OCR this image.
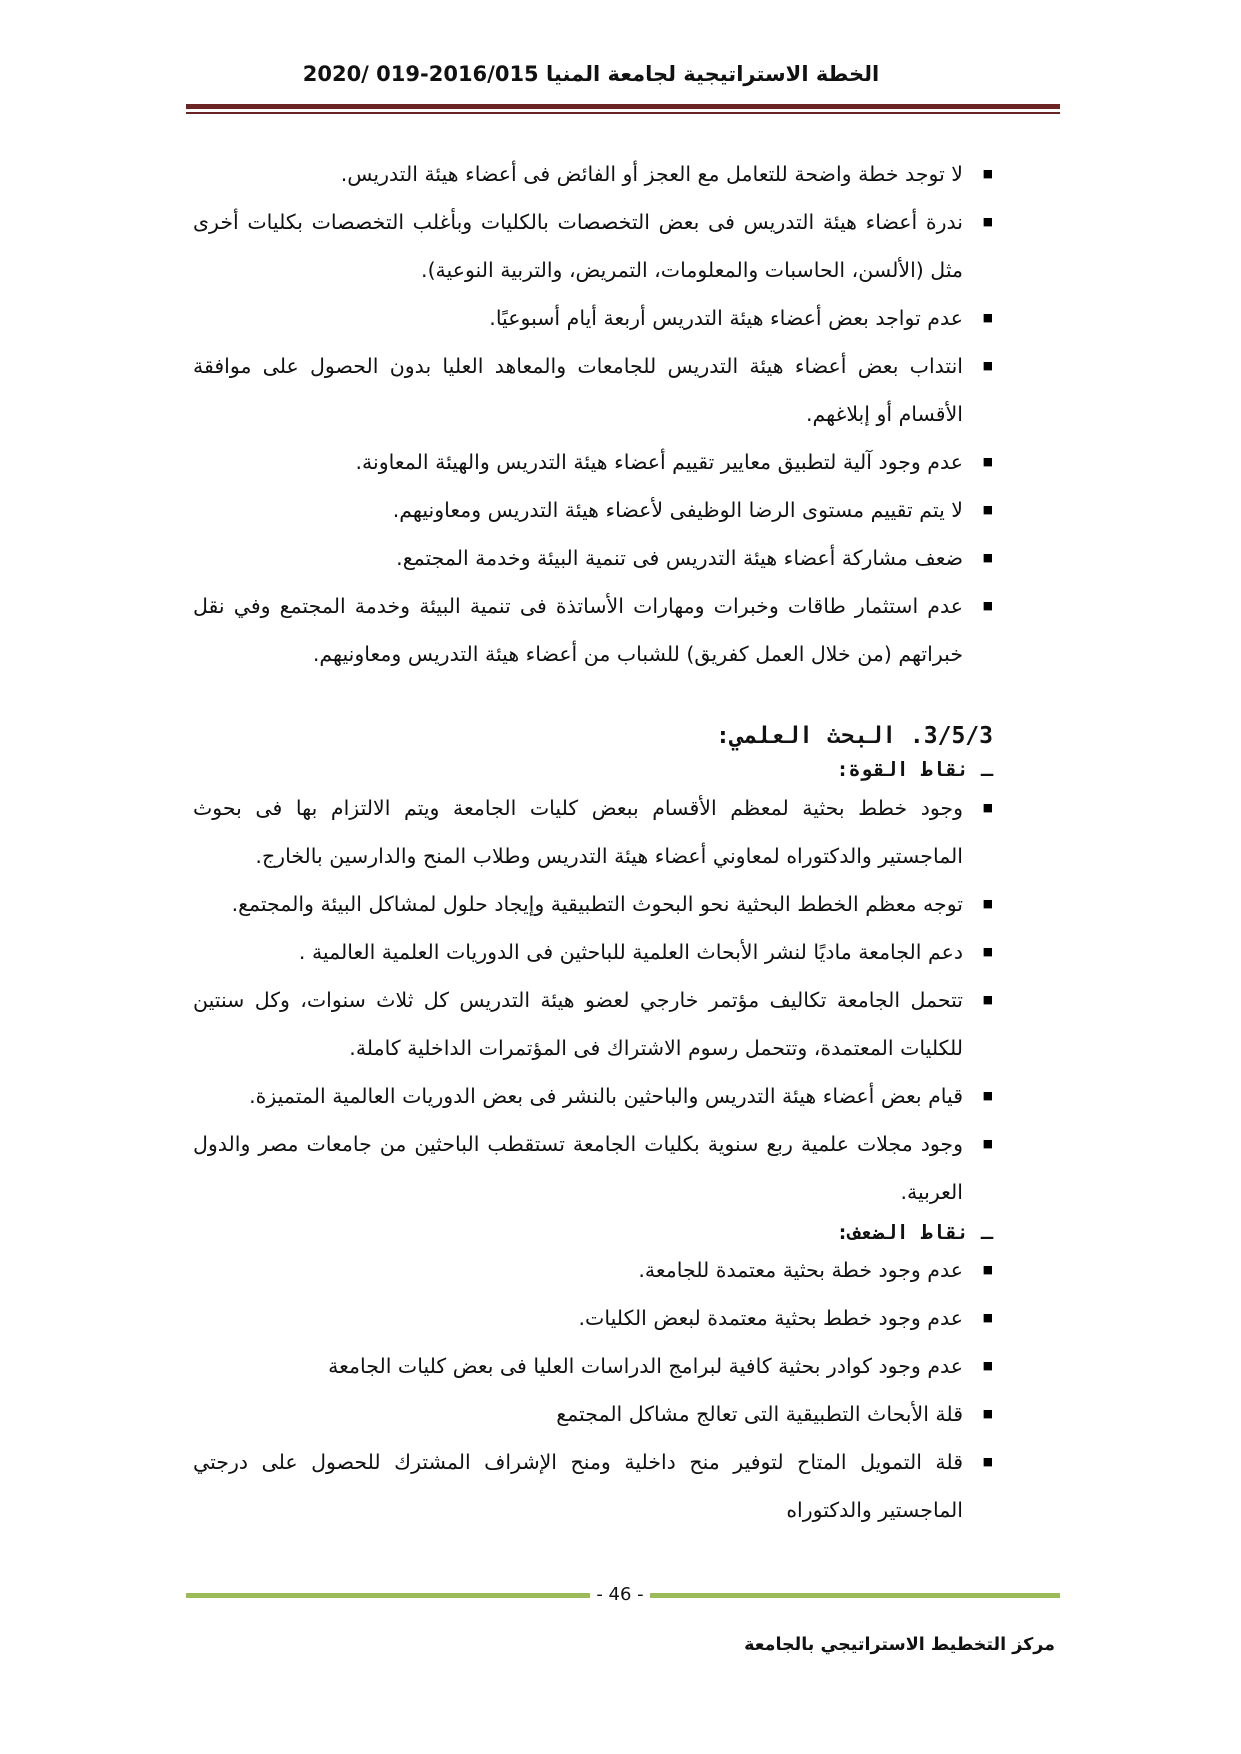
2020/ 019-2016/015 الخطة الاستراتيجية لجامعة المنيا
■
لا توجد خطة واضحة للتعامل مع العجز أو الفائض فى أعضاء هيئة التدريس.
■
ندرة أعضاء هيئة التدريس فى بعض التخصصات بالكليات وبأغلب التخصصات بكليات أخرى مثل (الألسن، الحاسبات والمعلومات، التمريض، والتربية النوعية).
■
عدم تواجد بعض أعضاء هيئة التدريس أربعة أيام أسبوعيًا.
■
انتداب بعض أعضاء هيئة التدريس للجامعات والمعاهد العليا بدون الحصول على موافقة الأقسام أو إبلاغهم.
■
عدم وجود آلية لتطبيق معايير تقييم أعضاء هيئة التدريس والهيئة المعاونة.
■
لا يتم تقييم مستوى الرضا الوظيفى لأعضاء هيئة التدريس ومعاونيهم.
■
ضعف مشاركة أعضاء هيئة التدريس فى تنمية البيئة وخدمة المجتمع.
■
عدم استثمار طاقات وخبرات ومهارات الأساتذة فى تنمية البيئة وخدمة المجتمع وفي نقل خبراتهم (من خلال العمل كفريق) للشباب من أعضاء هيئة التدريس ومعاونيهم.
3/5/3. البحث العلمي:
ـ نقاط القوة:
■
وجود خطط بحثية لمعظم الأقسام ببعض كليات الجامعة ويتم الالتزام بها فى بحوث الماجستير والدكتوراه لمعاوني أعضاء هيئة التدريس وطلاب المنح والدارسين بالخارج.
■
توجه معظم الخطط البحثية نحو البحوث التطبيقية وإيجاد حلول لمشاكل البيئة والمجتمع.
■
دعم الجامعة ماديًا لنشر الأبحاث العلمية للباحثين فى الدوريات العلمية العالمية .
■
تتحمل الجامعة تكاليف مؤتمر خارجي لعضو هيئة التدريس كل ثلاث سنوات، وكل سنتين للكليات المعتمدة، وتتحمل رسوم الاشتراك فى المؤتمرات الداخلية كاملة.
■
قيام بعض أعضاء هيئة التدريس والباحثين بالنشر فى بعض الدوريات العالمية المتميزة.
■
وجود مجلات علمية ربع سنوية بكليات الجامعة تستقطب الباحثين من جامعات مصر والدول العربية.
ـ نقاط الضعف:
■
عدم وجود خطة بحثية معتمدة للجامعة.
■
عدم وجود خطط بحثية معتمدة لبعض الكليات.
■
عدم وجود كوادر بحثية كافية لبرامج الدراسات العليا فى بعض كليات الجامعة
■
قلة الأبحاث التطبيقية التى تعالج مشاكل المجتمع
■
قلة التمويل المتاح لتوفير منح داخلية ومنح الإشراف المشترك للحصول على درجتي الماجستير والدكتوراه
- 46 -
مركز التخطيط الاستراتيجي بالجامعة
